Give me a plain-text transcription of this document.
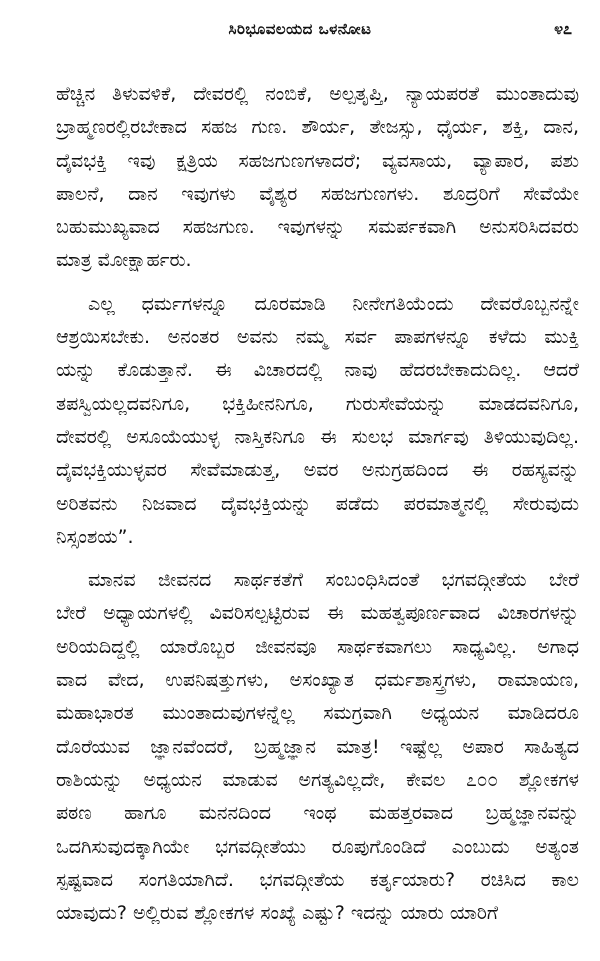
ಸಿರಿಭೂವಲಯದ ಒಳನೋಟ	೪೭
ಹೆಚ್ಚಿನ ತಿಳುವಳಿಕೆ, ದೇವರಲ್ಲಿ ನಂಬಿಕೆ, ಅಲ್ಪತೃಪ್ತಿ, ನ್ಯಾಯಪರತೆ ಮುಂತಾದುವು
ಬ್ರಾಹ್ಮಣರಲ್ಲಿರಬೇಕಾದ ಸಹಜ ಗುಣ. ಶೌರ್ಯ, ತೇಜಸ್ಸು, ಧೈರ್ಯ, ಶಕ್ತಿ, ದಾನ,
ದೈವಭಕ್ತಿ ಇವು ಕ್ಷತ್ರಿಯ ಸಹಜಗುಣಗಳಾದರೆ; ವ್ಯವಸಾಯ, ವ್ಯಾಪಾರ, ಪಶು
ಪಾಲನೆ, ದಾನ ಇವುಗಳು ವೈಶ್ಯರ ಸಹಜಗುಣಗಳು. ಶೂದ್ರರಿಗೆ ಸೇವೆಯೇ
ಬಹುಮುಖ್ಯವಾದ ಸಹಜಗುಣ. ಇವುಗಳನ್ನು ಸಮರ್ಪಕವಾಗಿ ಅನುಸರಿಸಿದವರು
ಮಾತ್ರ ಮೋಕ್ಷಾರ್ಹರು.
ಎಲ್ಲ ಧರ್ಮಗಳನ್ನೂ ದೂರಮಾಡಿ ನೀನೇಗತಿಯೆಂದು ದೇವರೊಬ್ಬನನ್ನೇ
ಆಶ್ರಯಿಸಬೇಕು. ಅನಂತರ ಅವನು ನಮ್ಮ ಸರ್ವ ಪಾಪಗಳನ್ನೂ ಕಳೆದು ಮುಕ್ತಿ
ಯನ್ನು ಕೊಡುತ್ತಾನೆ. ಈ ವಿಚಾರದಲ್ಲಿ ನಾವು ಹೆದರಬೇಕಾದುದಿಲ್ಲ. ಆದರೆ
ತಪಸ್ವಿಯಲ್ಲದವನಿಗೂ, ಭಕ್ತಿಹೀನನಿಗೂ, ಗುರುಸೇವೆಯನ್ನು ಮಾಡದವನಿಗೂ,
ದೇವರಲ್ಲಿ ಅಸೂಯೆಯುಳ್ಳ ನಾಸ್ತಿಕನಿಗೂ ಈ ಸುಲಭ ಮಾರ್ಗವು ತಿಳಿಯುವುದಿಲ್ಲ.
ದೈವಭಕ್ತಿಯುಳ್ಳವರ ಸೇವೆಮಾಡುತ್ತ, ಅವರ ಅನುಗ್ರಹದಿಂದ ಈ ರಹಸ್ಯವನ್ನು
ಅರಿತವನು ನಿಜವಾದ ದೈವಭಕ್ತಿಯನ್ನು ಪಡೆದು ಪರಮಾತ್ಮನಲ್ಲಿ ಸೇರುವುದು
ನಿಸ್ಸಂಶಯ”.
ಮಾನವ ಜೀವನದ ಸಾರ್ಥಕತೆಗೆ ಸಂಬಂಧಿಸಿದಂತೆ ಭಗವದ್ಗೀತೆಯ ಬೇರೆ
ಬೇರೆ ಅಧ್ಯಾಯಗಳಲ್ಲಿ ವಿವರಿಸಲ್ಪಟ್ಟಿರುವ ಈ ಮಹತ್ವಪೂರ್ಣವಾದ ವಿಚಾರಗಳನ್ನು
ಅರಿಯದಿದ್ದಲ್ಲಿ ಯಾರೊಬ್ಬರ ಜೀವನವೂ ಸಾರ್ಥಕವಾಗಲು ಸಾಧ್ಯವಿಲ್ಲ. ಅಗಾಧ
ವಾದ ವೇದ, ಉಪನಿಷತ್ತುಗಳು, ಅಸಂಖ್ಯಾತ ಧರ್ಮಶಾಸ್ತ್ರಗಳು, ರಾಮಾಯಣ,
ಮಹಾಭಾರತ ಮುಂತಾದುವುಗಳನ್ನೆಲ್ಲ ಸಮಗ್ರವಾಗಿ ಅಧ್ಯಯನ ಮಾಡಿದರೂ
ದೊರೆಯುವ ಜ್ಞಾನವೆಂದರೆ, ಬ್ರಹ್ಮಜ್ಞಾನ ಮಾತ್ರ! ಇಷ್ಟೆಲ್ಲ ಅಪಾರ ಸಾಹಿತ್ಯದ
ರಾಶಿಯನ್ನು ಅಧ್ಯಯನ ಮಾಡುವ ಅಗತ್ಯವಿಲ್ಲದೇ, ಕೇವಲ ೭೦೦ ಶ್ಲೋಕಗಳ
ಪಠಣ ಹಾಗೂ ಮನನದಿಂದ ಇಂಥ ಮಹತ್ತರವಾದ ಬ್ರಹ್ಮಜ್ಞಾನವನ್ನು
ಒದಗಿಸುವುದಕ್ಕಾಗಿಯೇ ಭಗವದ್ಗೀತೆಯು ರೂಪುಗೊಂಡಿದೆ ಎಂಬುದು ಅತ್ಯಂತ
ಸ್ಪಷ್ಟವಾದ ಸಂಗತಿಯಾಗಿದೆ. ಭಗವದ್ಗೀತೆಯ ಕರ್ತೃಯಾರು? ರಚಿಸಿದ ಕಾಲ
ಯಾವುದು? ಅಲ್ಲಿರುವ ಶ್ಲೋಕಗಳ ಸಂಖ್ಯೆ ಎಷ್ಟು? ಇದನ್ನು ಯಾರು ಯಾರಿಗೆ
